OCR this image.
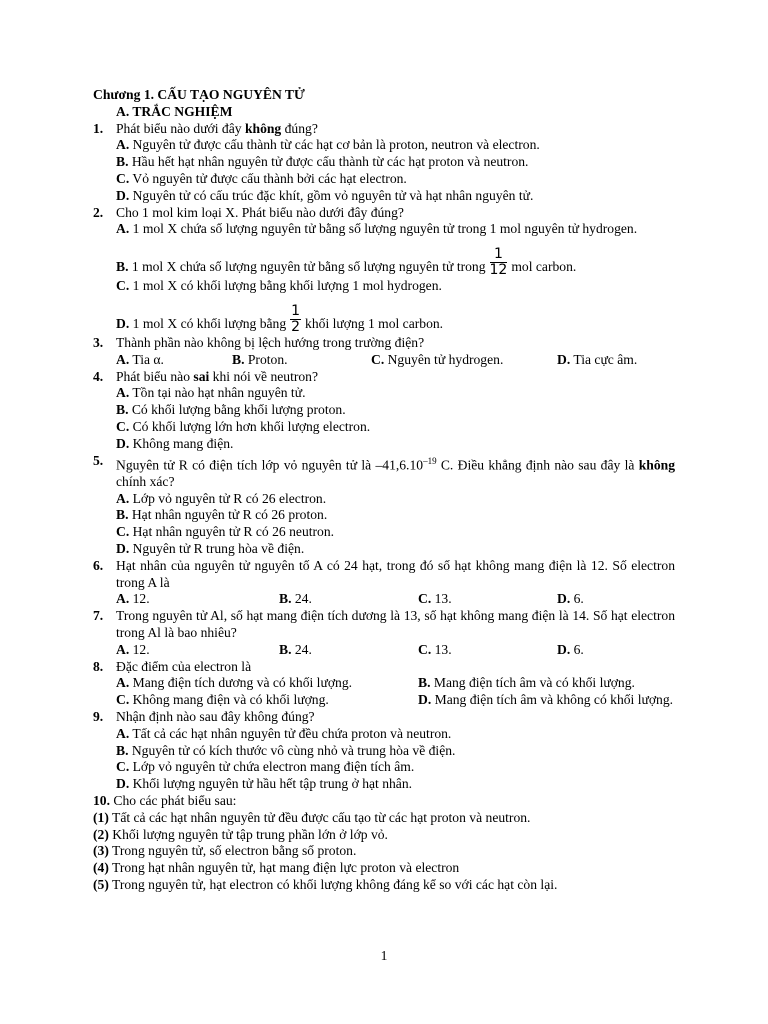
Chương 1. CẤU TẠO NGUYÊN TỬ
A. TRẮC NGHIỆM
1. Phát biểu nào dưới đây không đúng?
A. Nguyên tử được cấu thành từ các hạt cơ bản là proton, neutron và electron.
B. Hầu hết hạt nhân nguyên tử được cấu thành từ các hạt proton và neutron.
C. Vỏ nguyên tử được cấu thành bởi các hạt electron.
D. Nguyên tử có cấu trúc đặc khít, gồm vỏ nguyên tử và hạt nhân nguyên tử.
2. Cho 1 mol kim loại X. Phát biểu nào dưới đây đúng?
A. 1 mol X chứa số lượng nguyên tử bằng số lượng nguyên tử trong 1 mol nguyên tử hydrogen.
B. 1 mol X chứa số lượng nguyên tử bằng số lượng nguyên tử trong $\frac{1}{12}$ mol carbon.
C. 1 mol X có khối lượng bằng khối lượng 1 mol hydrogen.
D. 1 mol X có khối lượng bằng $\frac{1}{2}$ khối lượng 1 mol carbon.
3. Thành phần nào không bị lệch hướng trong trường điện?
A. Tia α.	B. Proton.	C. Nguyên tử hydrogen.	D. Tia cực âm.
4. Phát biểu nào sai khi nói về neutron?
A. Tồn tại nào hạt nhân nguyên tử.
B. Có khối lượng bằng khối lượng proton.
C. Có khối lượng lớn hơn khối lượng electron.
D. Không mang điện.
5. Nguyên tử R có điện tích lớp vỏ nguyên tử là $-41,6.10^{-19}$ C. Điều khẳng định nào sau đây là không chính xác?
A. Lớp vỏ nguyên tử R có 26 electron.
B. Hạt nhân nguyên tử R có 26 proton.
C. Hạt nhân nguyên tử R có 26 neutron.
D. Nguyên tử R trung hòa về điện.
6. Hạt nhân của nguyên tử nguyên tố A có 24 hạt, trong đó số hạt không mang điện là 12. Số electron trong A là
A. 12.	B. 24.	C. 13.	D. 6.
7. Trong nguyên tử Al, số hạt mang điện tích dương là 13, số hạt không mang điện là 14. Số hạt electron trong Al là bao nhiêu?
A. 12.	B. 24.	C. 13.	D. 6.
8. Đặc điểm của electron là
A. Mang điện tích dương và có khối lượng.	B. Mang điện tích âm và có khối lượng.
C. Không mang điện và có khối lượng.	D. Mang điện tích âm và không có khối lượng.
9. Nhận định nào sau đây không đúng?
A. Tất cả các hạt nhân nguyên tử đều chứa proton và neutron.
B. Nguyên tử có kích thước vô cùng nhỏ và trung hòa về điện.
C. Lớp vỏ nguyên tử chứa electron mang điện tích âm.
D. Khối lượng nguyên tử hầu hết tập trung ở hạt nhân.
10. Cho các phát biểu sau:
(1) Tất cả các hạt nhân nguyên tử đều được cấu tạo từ các hạt proton và neutron.
(2) Khối lượng nguyên tử tập trung phần lớn ở lớp vỏ.
(3) Trong nguyên tử, số electron bằng số proton.
(4) Trong hạt nhân nguyên tử, hạt mang điện lực proton và electron
(5) Trong nguyên tử, hạt electron có khối lượng không đáng kể so với các hạt còn lại.
1
